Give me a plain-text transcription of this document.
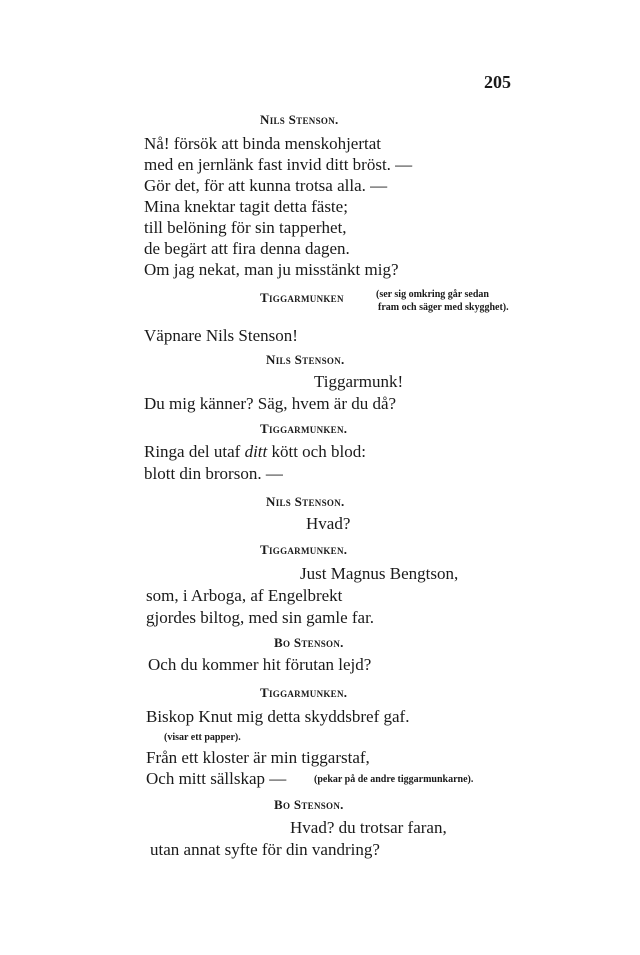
205
Nils Stenson.
Nå! försök att binda menskohjertat
med en jernlänk fast invid ditt bröst. —
Gör det, för att kunna trotsa alla. —
Mina knektar tagit detta fäste;
till belöning för sin tapperhet,
de begärt att fira denna dagen.
Om jag nekat, man ju misstänkt mig?
Tiggarmunken	(ser sig omkring går sedan
fram och säger med skygghet).
Väpnare Nils Stenson!
Nils Stenson.
Tiggarmunk!
Du mig känner? Säg, hvem är du då?
Tiggarmunken.
Ringa del utaf ditt kött och blod:
blott din brorson. —
Nils Stenson.
Hvad?
Tiggarmunken.
Just Magnus Bengtson,
som, i Arboga, af Engelbrekt
gjordes biltog, med sin gamle far.
Bo Stenson.
Och du kommer hit förutan lejd?
Tiggarmunken.
Biskop Knut mig detta skyddsbref gaf.
(visar ett papper).
Från ett kloster är min tiggarstaf,
Och mitt sällskap —	(pekar på de andre tiggarmunkarne).
Bo Stenson.
Hvad? du trotsar faran,
utan annat syfte för din vandring?
